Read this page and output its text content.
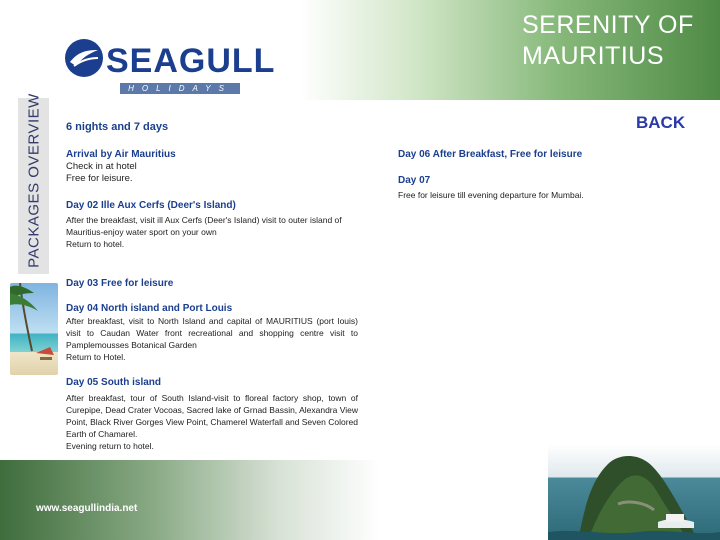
SERENITY OF
MAURITIUS
SEAGULL
HOLIDAYS
PACKAGES OVERVIEW	BACK
6 nights and 7 days
Arrival by Air Mauritius
Check in at hotel
Free for leisure.
Day 02 Ille Aux Cerfs (Deer's Island)
After the breakfast, visit ill Aux Cerfs (Deer's Island) visit to outer island of Mauritius-enjoy water sport on your own
Return to hotel.
Day 03 Free for leisure
Day 04 North island and Port Louis
After breakfast, visit to North Island and capital of MAURITIUS (port louis) visit to Caudan Water front recreational and shopping centre visit to Pamplemousses Botanical Garden
Return to Hotel.
Day 05 South island
After breakfast, tour of South Island-visit to floreal factory shop, town of Curepipe, Dead Crater Vocoas, Sacred lake of Grnad Bassin, Alexandra View Point, Black River Gorges View Point, Chamerel Waterfall and Seven Colored Earth of Chamarel.
Evening return to hotel.
Day 06 After Breakfast, Free for leisure
Day 07
Free for leisure till evening departure for Mumbai.
www.seagullindia.net
